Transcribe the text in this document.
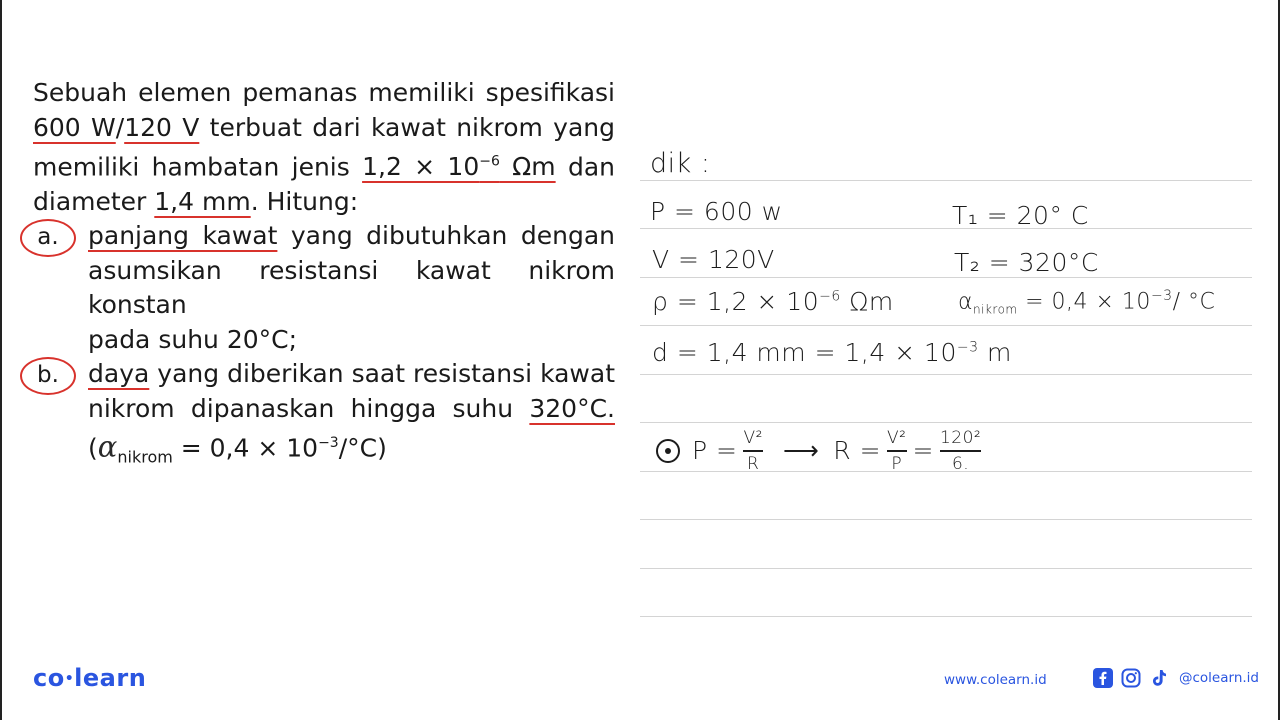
Sebuah elemen pemanas memiliki spesifikasi

600 W/120 V terbuat dari kawat nikrom yang

memiliki hambatan jenis $1,2 \times 10^{-6}$ Ωm dan

diameter 1,4 mm. Hitung:

a.	panjang kawat yang dibutuhkan dengan

asumsikan resistansi kawat nikrom konstan

pada suhu 20°C;

b.	daya yang diberikan saat resistansi kawat

nikrom dipanaskan hingga suhu 320°C.

$(\alpha_{nikrom} = 0,4 \times 10^{-3}/^\circ C)$

dik :
P = 600 w	T₁ = 20° C
V = 120V	T₂ = 320°C
$\rho = 1,2 \times 10^{-6}$ Ωm	$\alpha_{nikrom} = 0,4 \times 10^{-3}/$ °C
d = 1,4 mm = $1,4 \times 10^{-3}$ m
$P = \frac{\text{V²}}{R}$ ⟶ $R = \frac{\text{V²}}{P} = \frac{\text{120²}}{6.}$
co•learn	www.colearn.id	@colearn.id
